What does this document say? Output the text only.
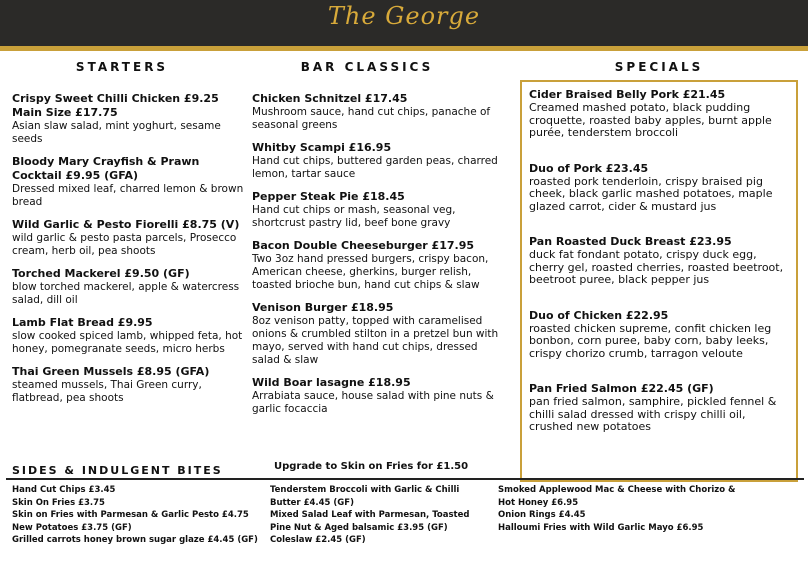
The George
STARTERS	BAR CLASSICS	SPECIALS
Crispy Sweet Chilli Chicken £9.25
Main Size £17.75
Asian slaw salad, mint yoghurt, sesame seeds
Bloody Mary Crayfish & Prawn
Cocktail £9.95 (GFA)
Dressed mixed leaf, charred lemon & brown bread
Wild Garlic & Pesto Fiorelli £8.75 (V)
wild garlic & pesto pasta parcels, Prosecco cream, herb oil, pea shoots
Torched Mackerel £9.50 (GF)
blow torched mackerel, apple & watercress salad, dill oil
Lamb Flat Bread £9.95
slow cooked spiced lamb, whipped feta, hot honey, pomegranate seeds, micro herbs
Thai Green Mussels £8.95 (GFA)
steamed mussels, Thai Green curry, flatbread, pea shoots
Chicken Schnitzel £17.45
Mushroom sauce, hand cut chips, panache of seasonal greens
Whitby Scampi £16.95
Hand cut chips, buttered garden peas, charred lemon, tartar sauce
Pepper Steak Pie £18.45
Hand cut chips or mash, seasonal veg, shortcrust pastry lid, beef bone gravy
Bacon Double Cheeseburger £17.95
Two 3oz hand pressed burgers, crispy bacon, American cheese, gherkins, burger relish, toasted brioche bun, hand cut chips & slaw
Venison Burger £18.95
8oz venison patty, topped with caramelised onions & crumbled stilton in a pretzel bun with mayo, served with hand cut chips, dressed salad & slaw
Wild Boar lasagne £18.95
Arrabiata sauce, house salad with pine nuts & garlic focaccia
Cider Braised Belly Pork £21.45
Creamed mashed potato, black pudding croquette, roasted baby apples, burnt apple purée, tenderstem broccoli
Duo of Pork £23.45
roasted pork tenderloin, crispy braised pig cheek, black garlic mashed potatoes, maple glazed carrot, cider & mustard jus
Pan Roasted Duck Breast £23.95
duck fat fondant potato, crispy duck egg, cherry gel, roasted cherries, roasted beetroot, beetroot puree, black pepper jus
Duo of Chicken £22.95
roasted chicken supreme, confit chicken leg bonbon, corn puree, baby corn, baby leeks, crispy chorizo crumb, tarragon veloute
Pan Fried Salmon £22.45 (GF)
pan fried salmon, samphire, pickled fennel & chilli salad dressed with crispy chilli oil, crushed new potatoes
SIDES & INDULGENT BITES	Upgrade to Skin on Fries for £1.50
Hand Cut Chips £3.45
Skin On Fries £3.75
Skin on Fries with Parmesan & Garlic Pesto £4.75
New Potatoes £3.75 (GF)
Grilled carrots honey brown sugar glaze £4.45 (GF)
Tenderstem Broccoli with Garlic & Chilli
Butter £4.45 (GF)
Mixed Salad Leaf with Parmesan, Toasted
Pine Nut & Aged balsamic £3.95 (GF)
Coleslaw £2.45 (GF)
Smoked Applewood Mac & Cheese with Chorizo &
Hot Honey £6.95
Onion Rings £4.45
Halloumi Fries with Wild Garlic Mayo £6.95
